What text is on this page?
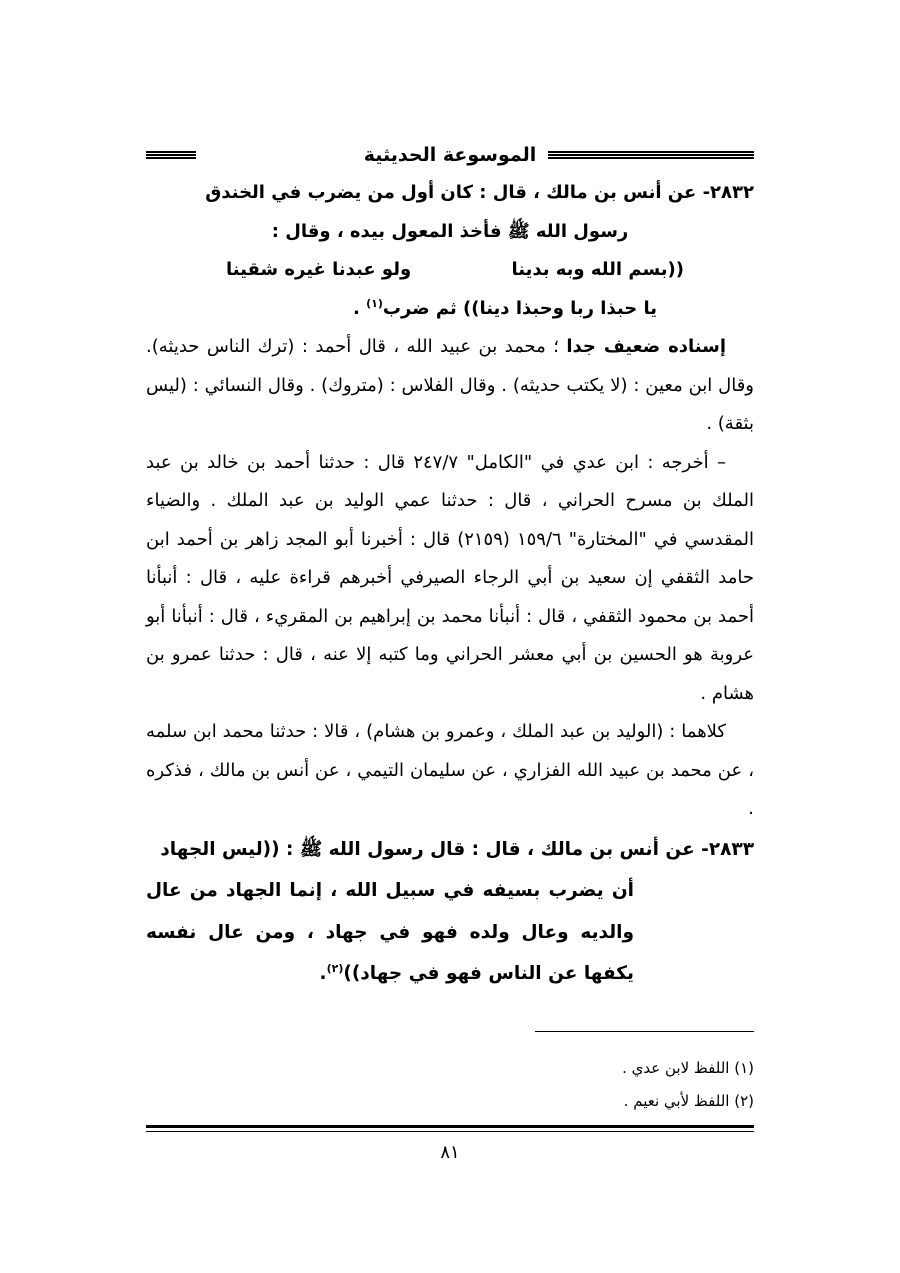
الموسوعة الحديثية

٢٨٣٢- عن أنس بن مالك ، قال : كان أول من يضرب في الخندق

رسول الله ﷺ فأخذ المعول بيده ، وقال :

((بسم الله وبه بدينا
ولو عبدنا غيره شقينا

يا حبذا ربا وحبذا دينا)) ثم ضرب$^{(١)}$ .

إسناده ضعيف جدا ؛ محمد بن عبيد الله ، قال أحمد : (ترك الناس حديثه). وقال ابن معين : (لا يكتب حديثه) . وقال الفلاس : (متروك) . وقال النسائي : (ليس بثقة) .

– أخرجه : ابن عدي في "الكامل" ٢٤٧/٧ قال : حدثنا أحمد بن خالد بن عبد الملك بن مسرح الحراني ، قال : حدثنا عمي الوليد بن عبد الملك . والضياء المقدسي في "المختارة" ١٥٩/٦ (٢١٥٩) قال : أخبرنا أبو المجد زاهر بن أحمد ابن حامد الثقفي إن سعيد بن أبي الرجاء الصيرفي أخبرهم قراءة عليه ، قال : أنبأنا أحمد بن محمود الثقفي ، قال : أنبأنا محمد بن إبراهيم بن المقريء ، قال : أنبأنا أبو عروبة هو الحسين بن أبي معشر الحراني وما كتبه إلا عنه ، قال : حدثنا عمرو بن هشام .

كلاهما : (الوليد بن عبد الملك ، وعمرو بن هشام) ، قالا : حدثنا محمد ابن سلمه ، عن محمد بن عبيد الله الفزاري ، عن سليمان التيمي ، عن أنس بن مالك ، فذكره .

٢٨٣٣- عن أنس بن مالك ، قال : قال رسول الله ﷺ : ((ليس الجهاد

أن يضرب بسيفه في سبيل الله ، إنما الجهاد من عال والديه وعال ولده فهو في جهاد ، ومن عال نفسه يكفها عن الناس فهو في جهاد))$^{(٢)}$.

(١) اللفظ لابن عدي .

(٢) اللفظ لأبي نعيم .

٨١
